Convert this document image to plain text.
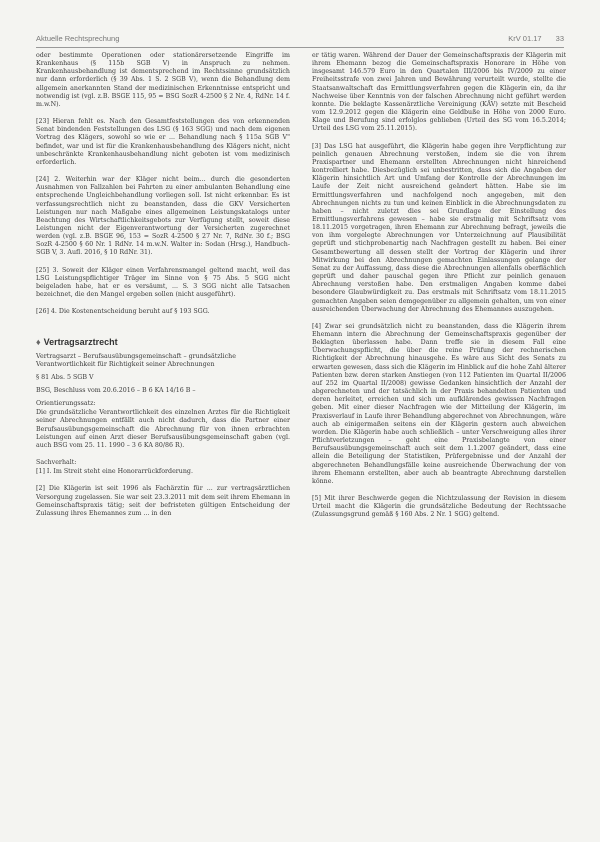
Aktuelle Rechtsprechung	KrV 01.17 33

oder bestimmte Operationen oder stationärersetzende Eingriffe im Krankenhaus (§ 115b SGB V) in Anspruch zu nehmen. Krankenhausbehandlung ist dementsprechend im Rechtssinne grundsätzlich nur dann erforderlich (§ 39 Abs. 1 S. 2 SGB V), wenn die Behandlung dem allgemein anerkannten Stand der medizinischen Erkenntnisse entspricht und notwendig ist (vgl. z.B. BSGE 115, 95 = BSG SozR 4-2500 § 2 Nr. 4, RdNr. 14 f. m.w.N).

[23] Hieran fehlt es. Nach den Gesamtfeststellungen des von erkennenden Senat bindenden Feststellungen des LSG (§ 163 SGG) und nach dem eigenen Vortrag des Klägers, sowohl so wie er ... Behandlung nach § 115a SGB V" befindet, war und ist für die Krankenhausbehandlung des Klägers nicht, nicht unbeschränkte Krankenhausbehandlung nicht geboten ist vom medizinisch erforderlich.

[24] 2. Weiterhin war der Kläger nicht beim... durch die gesonderten Ausnahmen von Fallzahlen bei Fahrten zu einer ambulanten Behandlung eine entsprechende Ungleichbehandlung vorliegen soll. Ist nicht erkennbar. Es ist verfassungsrechtlich nicht zu beanstanden, dass die GKV Versicherten Leistungen nur nach Maßgabe eines allgemeinen Leistungskatalogs unter Beachtung des Wirtschaftlichkeitsgebots zur Verfügung stellt, soweit diese Leistungen nicht der Eigenverantwortung der Versicherten zugerechnet werden (vgl. z.B. BSGE 96, 153 = SozR 4-2500 § 27 Nr. 7, RdNr. 30 f.; BSG SozR 4-2500 § 60 Nr. 1 RdNr. 14 m.w.N. Walter in: Sodan (Hrsg.), Handbuch-SGB V, 3. Aufl. 2016, § 10 RdNr. 31).

[25] 3. Soweit der Kläger einen Verfahrensmangel geltend macht, weil das LSG Leistungspflichtiger Träger im Sinne von § 75 Abs. 5 SGG nicht beigeladen habe, hat er es versäumt, ... S. 3 SGG nicht alle Tatsachen bezeichnet, die den Mangel ergeben sollen (nicht ausgeführt).

[26] 4. Die Kostenentscheidung beruht auf § 193 SGG.

♦ Vertragsarztrecht

Vertragsarzt – Berufsausübungsgemeinschaft – grundsätzliche Verantwortlichkeit für Richtigkeit seiner Abrechnungen

§ 81 Abs. 5 SGB V

BSG, Beschluss vom 20.6.2016 – B 6 KA 14/16 B –

Orientierungssatz:

Die grundsätzliche Verantwortlichkeit des einzelnen Arztes für die Richtigkeit seiner Abrechnungen entfällt auch nicht dadurch, dass die Partner einer Berufsausübungsgemeinschaft die Abrechnung für von ihnen erbrachten Leistungen auf einen Arzt dieser Berufsausübungsgemeinschaft gaben (vgl. auch BSG vom 25. 11. 1990 – 3 6 KA 80/86 R).

Sachverhalt:

[1] I. Im Streit steht eine Honorarrückforderung.

[2] Die Klägerin ist seit 1996 als Fachärztin für ... zur vertragsärztlichen Versorgung zugelassen. Sie war seit 23.3.2011 mit dem seit ihrem Ehemann in Gemeinschaftspraxis tätig; seit der befristeten gültigen Entscheidung der Zulassung ihres Ehemannes zum ... in den

er tätig waren. Während der Dauer der Gemeinschaftspraxis der Klägerin mit ihrem Ehemann bezog die Gemeinschaftspraxis Honorare in Höhe von insgesamt 146.579 Euro in den Quartalen III/2006 bis IV/2009 zu einer Freiheitsstrafe von zwei Jahren und Bewährung verurteilt wurde, stellte die Staatsanwaltschaft das Ermittlungsverfahren gegen die Klägerin ein, da ihr Nachweise über Kenntnis von der falschen Abrechnung nicht geführt werden konnte. Die beklagte Kassenärztliche Vereinigung (KÄV) setzte mit Bescheid vom 12.9.2012 gegen die Klägerin eine Geldbuße in Höhe von 2000 Euro. Klage und Berufung sind erfolglos geblieben (Urteil des SG vom 16.5.2014; Urteil des LSG vom 25.11.2015).

[3] Das LSG hat ausgeführt, die Klägerin habe gegen ihre Verpflichtung zur peinlich genauen Abrechnung verstoßen, indem sie die von ihrem Praxispartner und Ehemann erstellten Abrechnungen nicht hinreichend kontrolliert habe. Diesbezüglich sei unbestritten, dass sich die Angaben der Klägerin hinsichtlich Art und Umfang der Kontrolle der Abrechnungen im Laufe der Zeit nicht ausreichend geändert hätten. Habe sie im Ermittlungsverfahren und nachfolgend noch angegeben, mit den Abrechnungen nichts zu tun und keinen Einblick in die Abrechnungsdaten zu haben – nicht zuletzt dies sei Grundlage der Einstellung des Ermittlungsverfahrens gewesen – habe sie erstmalig mit Schriftsatz vom 18.11.2015 vorgetragen, ihren Ehemann zur Abrechnung befragt, jeweils die von ihm vorgelegte Abrechnungen vor Unterzeichnung auf Plausibilität geprüft und stichprobenartig nach Nachfragen gestellt zu haben. Bei einer Gesamtbewertung all dessen stellt der Vortrag der Klägerin und ihrer Mitwirkung bei den Abrechnungen gemachten Einlassungen gelange der Senat zu der Auffassung, dass diese die Abrechnungen allenfalls oberflächlich geprüft und daher pauschal gegen ihre Pflicht zur peinlich genauen Abrechnung verstoßen habe. Den erstmaligen Angaben komme dabei besondere Glaubwürdigkeit zu. Das erstmals mit Schriftsatz vom 18.11.2015 gemachten Angaben seien demgegenüber zu allgemein gehalten, um von einer ausreichenden Überwachung der Abrechnung des Ehemannes auszugehen.

[4] Zwar sei grundsätzlich nicht zu beanstanden, dass die Klägerin ihrem Ehemann intern die Abrechnung der Gemeinschaftspraxis gegenüber der Beklagten überlassen habe. Dann treffe sie in diesem Fall eine Überwachungspflicht, die über die reine Prüfung der rechnerischen Richtigkeit der Abrechnung hinausgehe. Es wäre aus Sicht des Senats zu erwarten gewesen, dass sich die Klägerin im Hinblick auf die hohe Zahl älterer Patienten bzw. deren starken Anstiegen (von 112 Patienten im Quartal II/2006 auf 252 im Quartal II/2008) gewisse Gedanken hinsichtlich der Anzahl der abgerechneten und der tatsächlich in der Praxis behandelten Patienten und deren herleitet, erreichen und sich um aufklärendes gewissen Nachfragen geben. Mit einer dieser Nachfragen wie der Mitteilung der Klägerin, im Praxisverlauf in Laufe ihrer Behandlung abgerechnet von Abrechnungen, wäre auch ab einigermaßen seitens ein der Klägerin gestern auch abweichen worden. Die Klägerin habe auch schließlich – unter Verschweigung alles ihrer Pflichtverletzungen – geht eine Praxisbelangte von einer Berufsausübungsgemeinschaft auch seit dem 1.1.2007 geändert, dass eine allein die Beteiligung der Statistiken, Prüfergebnisse und der Anzahl der abgerechneten Behandlungsfälle keine ausreichende Überwachung der von ihrem Ehemann erstellten, aber auch ab beantragte Abrechnung darstellen könne.

[5] Mit ihrer Beschwerde gegen die Nichtzulassung der Revision in diesem Urteil macht die Klägerin die grundsätzliche Bedeutung der Rechtssache (Zulassungsgrund gemäß § 160 Abs. 2 Nr. 1 SGG) geltend.
